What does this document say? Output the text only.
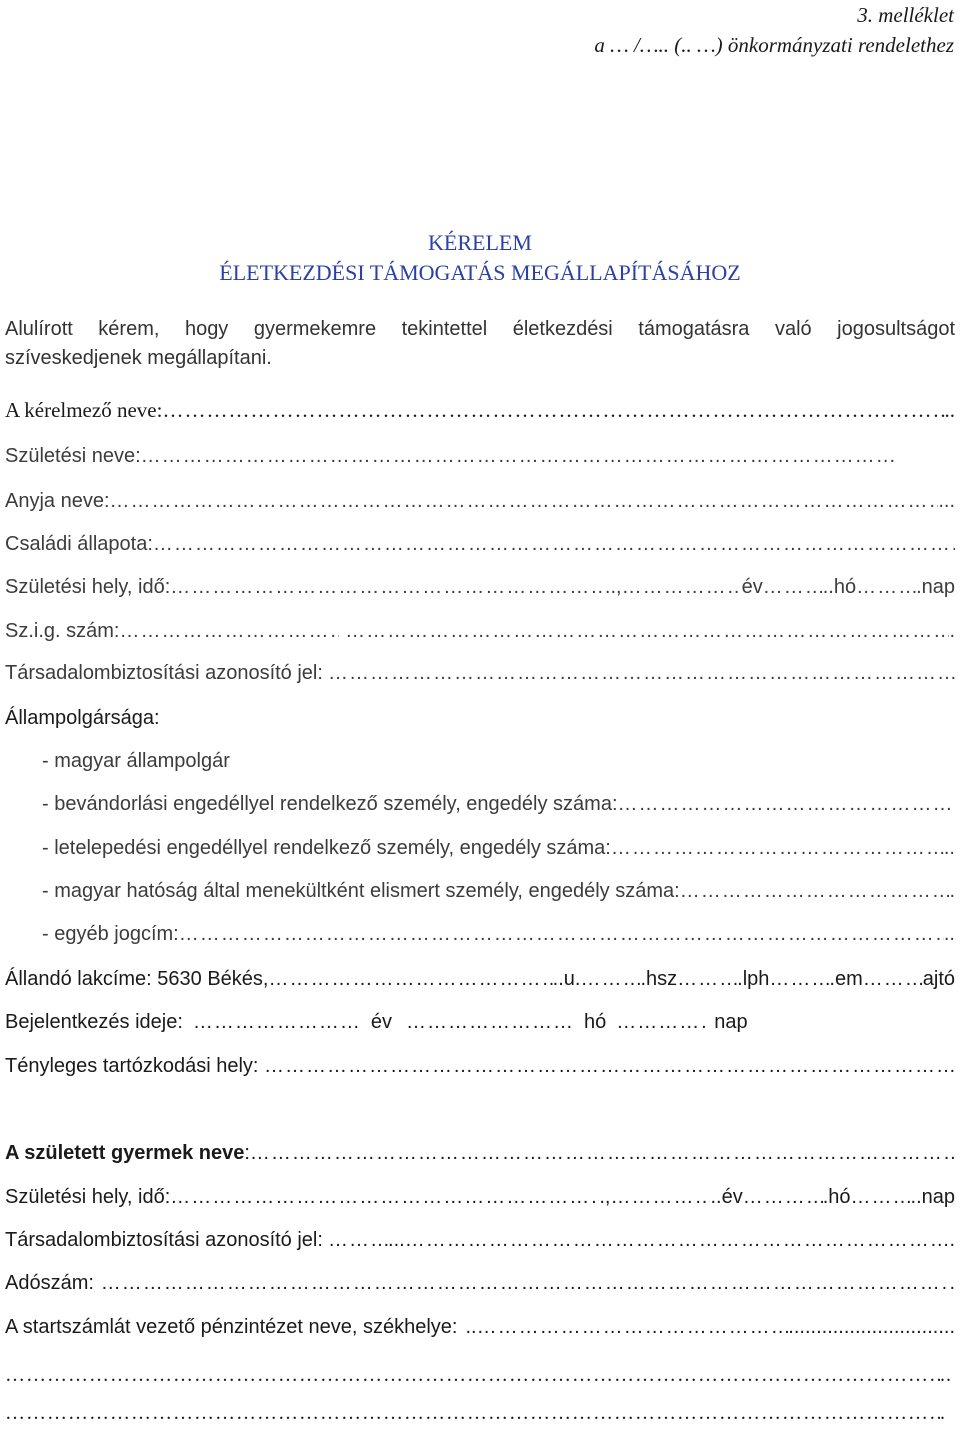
3. melléklet
a … /….. (.. …) önkormányzati rendelethez
KÉRELEM
ÉLETKEZDÉSI TÁMOGATÁS MEGÁLLAPÍTÁSÁHOZ
Alulírott kérem, hogy gyermekemre tekintettel életkezdési támogatásra való jogosultságot
szíveskedjenek megállapítani.
A kérelmező neve: ……………………………………………………………………………………………………………………………………………………………………………………………	..
Születési neve: ……………………………………………………………………………………………………………………………………………………………………………………………	.
Anyja neve: ……………………………………………………………………………………………………………………………………………………………………………………………	...
Családi állapota:
……………………………………………………………………………………………………………………………………………………………………………………………
Születési hely, idő: ……………………………………………………………………………………………………………………………………………………………………………………………	.., …………………………………………………………………………………………	év …………………………………………………………………………………………	..hó …………………………………………………………………………………………	.nap
Sz.i.g. szám: ………………………………………………………………………………………… ……………………………………………………………………………………………………………………………………………………………………………………………	.
Társadalombiztosítási azonosító jel:
……………………………………………………………………………………………………………………………………………………………………………………………
Állampolgársága:
- magyar állampolgár
- bevándorlási engedéllyel rendelkező személy, engedély száma:
……………………………………………………………………………………………………………………………………………………………………………………………
- letelepedési engedéllyel rendelkező személy, engedély száma: ……………………………………………………………………………………………………………………………………………………………………………………………	..
- magyar hatóság által menekültként elismert személy, engedély száma: ……………………………………………………………………………………………………………………………………………………………………………………………	.
- egyéb jogcím: ……………………………………………………………………………………………………………………………………………………………………………………………	..
Állandó lakcíme: 5630 Békés, ……………………………………………………………………………………………………………………………………………………………………………………………	..u. …………………………………………………………………………………………	.hsz …………………………………………………………………………………………	.lph …………………………………………………………………………………………	.em …………………………………………………………………………………………	ajtó
Bejelentkezés ideje: …………………………………………………………………………………………	év …………………………………………………………………………………………	hó …………………………………………………………………………………………	nap
Tényleges tartózkodási hely:
……………………………………………………………………………………………………………………………………………………………………………………………
A született gyermek neve :
……………………………………………………………………………………………………………………………………………………………………………………………
Születési hely, idő: ……………………………………………………………………………………………………………………………………………………………………………………………	., …………………………………………………………………………………………	..év …………………………………………………………………………………………	.hó …………………………………………………………………………………………	..nap
Társadalombiztosítási azonosító jel: …………………………………………………………………………………………	... ……………………………………………………………………………………………………………………………………………………………………………………………	.
Adószám: ……………………………………………………………………………………………………………………………………………………………………………………………	.
A startszámlát vezető pénzintézet neve, székhelye: .. ……………………………………………………………………………………………………………………………………………………………………………………………	..............................
……………………………………………………………………………………………………………………………………………………………………………………………..
…………………………………………………………………………………………………………………………………………………………………………………………….
